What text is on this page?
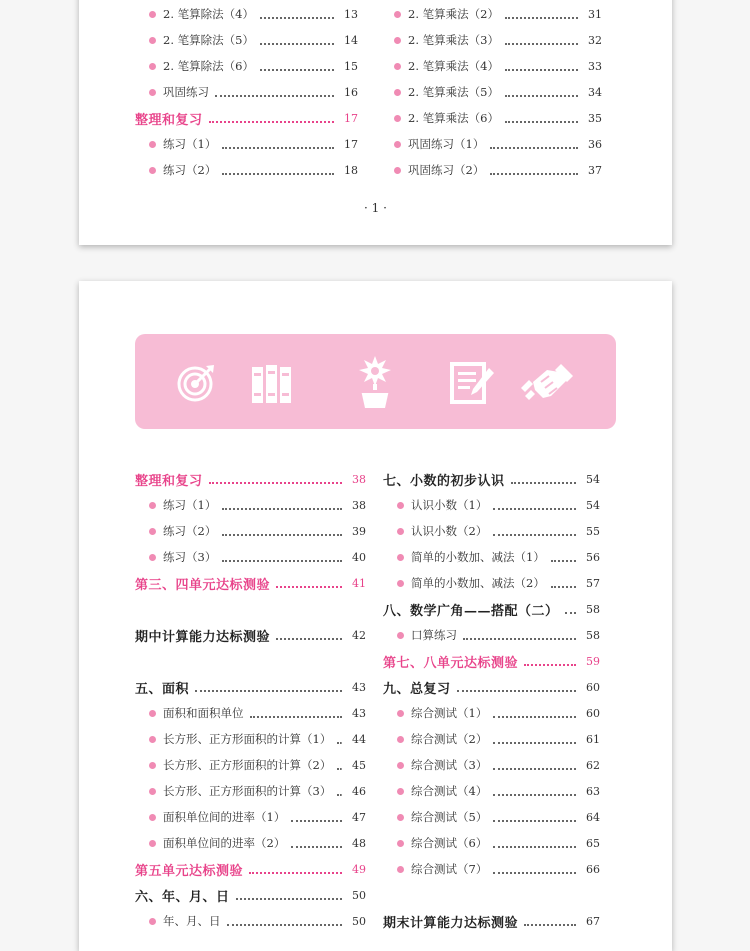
2. 笔算除法（4）	13
2. 笔算除法（5）	14
2. 笔算除法（6）	15
巩固练习	16
整理和复习	17
练习（1）	17
练习（2）	18
2. 笔算乘法（2）	31
2. 笔算乘法（3）	32
2. 笔算乘法（4）	33
2. 笔算乘法（5）	34
2. 笔算乘法（6）	35
巩固练习（1）	36
巩固练习（2）	37
· 1 ·
整理和复习	38
练习（1）	38
练习（2）	39
练习（3）	40
第三、四单元达标测验	41
期中计算能力达标测验	42
五、面积	43
面积和面积单位	43
长方形、正方形面积的计算（1）	44
长方形、正方形面积的计算（2）	45
长方形、正方形面积的计算（3）	46
面积单位间的进率（1）	47
面积单位间的进率（2）	48
第五单元达标测验	49
六、年、月、日	50
年、月、日	50
七、小数的初步认识	54
认识小数（1）	54
认识小数（2）	55
简单的小数加、减法（1）	56
简单的小数加、减法（2）	57
八、数学广角——搭配（二）	58
口算练习	58
第七、八单元达标测验	59
九、总复习	60
综合测试（1）	60
综合测试（2）	61
综合测试（3）	62
综合测试（4）	63
综合测试（5）	64
综合测试（6）	65
综合测试（7）	66
期末计算能力达标测验	67
